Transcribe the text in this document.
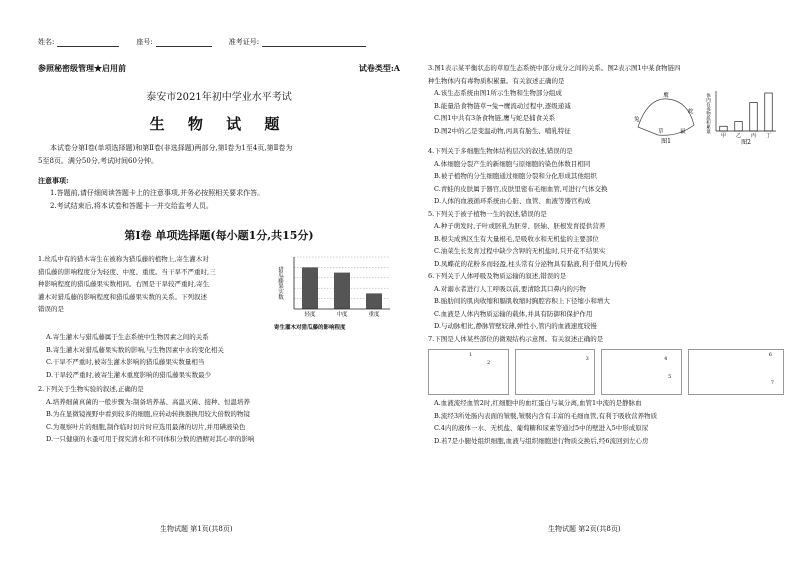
姓名:	座号:	准考证号:
参照秘密级管理★启用前	试卷类型:A
泰安市2021年初中学业水平考试
生 物 试 题
本试卷分第Ⅰ卷(单项选择题)和第Ⅱ卷(非选择题)两部分,第Ⅰ卷为1至4页,第Ⅱ卷为
5至8页。满分50分,考试时间60分钟。
注意事项:
1.答题前,请仔细阅读答题卡上的注意事项,并务必按照相关要求作答。
2.考试结束后,将本试卷和答题卡一并交给监考人员。
第Ⅰ卷 单项选择题(每小题1分,共15分)
1.丝瓜中有的猎木寄生在被称为猎瓜藤的植物上,寄生灌木对
猎瓜藤的影响程度分为轻度、中度、重度。当干旱不严重时,三
种影响程度的猎瓜藤果实数相同。右图是干旱较严重时,寄生
灌木对猎瓜藤的影响程度和猎瓜藤果实数的关系。下列叙述
错误的是
猎瓜藤果实数
轻度	中度	重度
寄生灌木对猎瓜藤的影响程度
A.寄生灌木与猎瓜藤属于生态系统中生物因素之间的关系
B.寄生灌木对猎瓜藤果实数的影响,与生物因素中水的变化相关
C.干旱不严重时,被寄生灌木影响的猎瓜藤果实数量相当
D.干旱较严重时,被寄生灌木重度影响的猎瓜藤果实数最少
2.下列关于生物实验的叙述,正确的是
A.培养细菌真菌的一般步骤为:制备培养基、高温灭菌、接种、恒温培养
B.为在显微镜视野中看到较多的细胞,应转动转换器换用较大倍数的物镜
C.为观察叶片的细胞,制作临时切片时应选用最薄的切片,并用碘液染色
D.一只健康的水蚤可用于探究清水和不同体积分数的酒精对其心率的影响
生物试题 第1页(共8页)
3.图1表示某平衡状态的草原生态系统中部分成分之间的关系。图2表示图1中某食物链四
种生物体内有毒物质积累量。有关叙述正确的是
A.该生态系统由图1所示生物和生物部分组成
B.能量沿食物链草→兔→鹰流动过程中,逐级递减
C.图1中共有3条食物链,鹰与蛇是捕食关系
D.图2中的乙是变温动物,丙具有胎生、哺乳特征
鹰
蛇
兔
鼠
草
图1
体内有毒物质积累量
甲 乙 丙 丁
图2
4.下列关于多细胞生物体结构层次的叙述,错误的是
A.体细胞分裂产生的新细胞与原细胞的染色体数目相同
B.被子植物的分生细胞通过细胞分裂和分化形成其他组织
C.青蛙的皮肤属于器官,皮肤里密布毛细血管,可进行气体交换
D.人体的血液循环系统由心脏、血管、血液等器官构成
5.下列关于被子植物一生的叙述,错误的是
A.种子萌发时,子叶或胚乳为胚芽、胚轴、胚根发育提供营养
B.根尖成熟区生有大量根毛,是吸收水和无机盐的主要部位
C.油菜生长发育过程中缺少含钾的无机盐时,只开花不结果实
D.凤蝶花的花粉多而轻盈,柱头常有分泌物具有黏液,利于借风力传粉
6.下列关于人体呼吸及物质运输的叙述,错误的是
A.对溺水者进行人工呼吸以前,要清除其口鼻内的污物
B.胎肋间的肌肉收缩和膈肌收缩时胸腔容积上下径缩小和增大
C.血液是人体内物质运输的载体,并具有防御和保护作用
D.与动脉相比,静脉管壁较薄,弹性小,管内的血液速度较慢
7.下图是人体某些部位的微观结构示意图。有关叙述正确的是
1
2
3	4
5
6
7
A.血液流经血管2时,红细胞中的血红蛋白与氧分离,血管1中流的是静脉血
B.流经3所处肠内表面的皱襞,皱襞内含有丰富的毛细血管,有利于吸收营养物质
C.4内的液体一水、无机盐、葡萄糖和尿素等通过5中的壁进入5中形成原尿
D.若7是小腿处组织细胞,血液与组织细胞进行物质交换后,经6流回到左心房
生物试题 第2页(共8页)
